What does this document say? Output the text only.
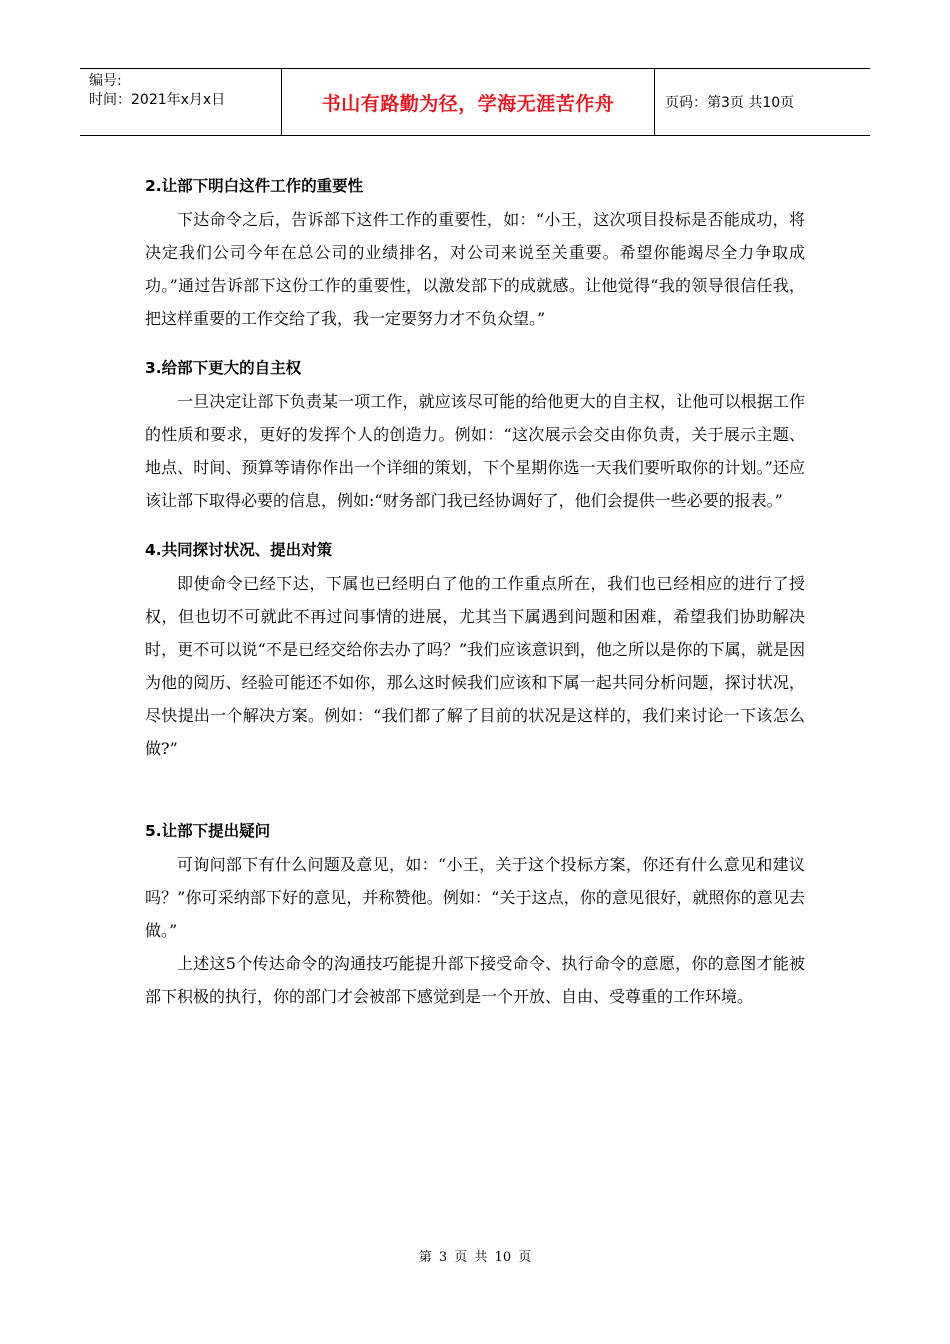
编号:
时间：2021年x月x日	书山有路勤为径，学海无涯苦作舟	页码：第3页 共10页
2.让部下明白这件工作的重要性

下达命令之后，告诉部下这件工作的重要性，如：“小王，这次项目投标是否能成功，将决定我们公司今年在总公司的业绩排名，对公司来说至关重要。希望你能竭尽全力争取成功。”通过告诉部下这份工作的重要性，以激发部下的成就感。让他觉得“我的领导很信任我，把这样重要的工作交给了我，我一定要努力才不负众望。”

3.给部下更大的自主权

一旦决定让部下负责某一项工作，就应该尽可能的给他更大的自主权，让他可以根据工作的性质和要求，更好的发挥个人的创造力。例如：“这次展示会交由你负责，关于展示主题、地点、时间、预算等请你作出一个详细的策划，下个星期你选一天我们要听取你的计划。”还应该让部下取得必要的信息，例如:“财务部门我已经协调好了，他们会提供一些必要的报表。”

4.共同探讨状况、提出对策

即使命令已经下达，下属也已经明白了他的工作重点所在，我们也已经相应的进行了授权，但也切不可就此不再过问事情的进展，尤其当下属遇到问题和困难，希望我们协助解决时，更不可以说“不是已经交给你去办了吗？”我们应该意识到，他之所以是你的下属，就是因为他的阅历、经验可能还不如你，那么这时候我们应该和下属一起共同分析问题，探讨状况，尽快提出一个解决方案。例如：“我们都了解了目前的状况是这样的，我们来讨论一下该怎么做?”

5.让部下提出疑问

可询问部下有什么问题及意见，如：“小王，关于这个投标方案，你还有什么意见和建议吗？”你可采纳部下好的意见，并称赞他。例如：“关于这点，你的意见很好，就照你的意见去做。”

上述这5个传达命令的沟通技巧能提升部下接受命令、执行命令的意愿，你的意图才能被部下积极的执行，你的部门才会被部下感觉到是一个开放、自由、受尊重的工作环境。

第 3 页 共 10 页
